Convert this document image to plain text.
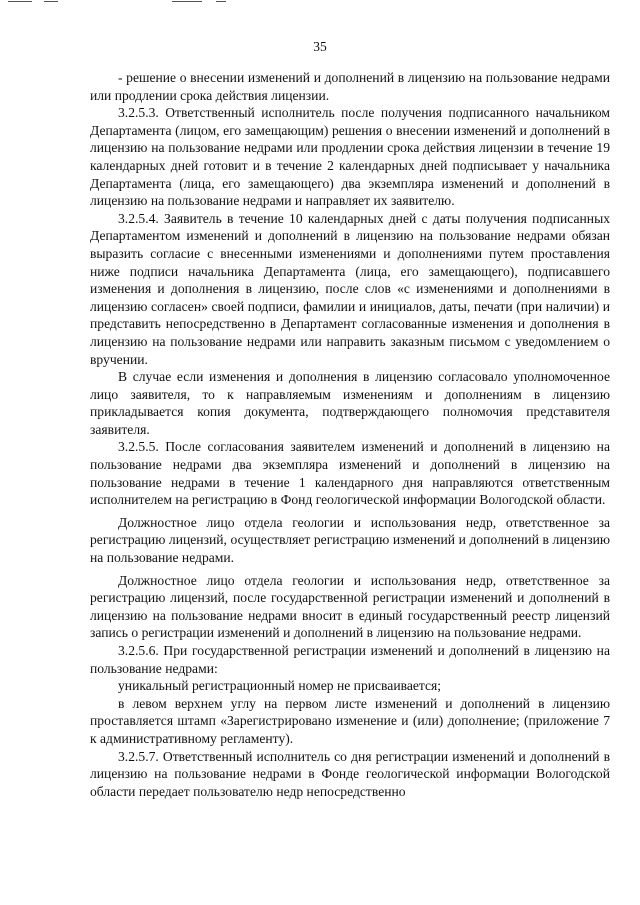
35

- решение о внесении изменений и дополнений в лицензию на пользование недрами или продлении срока действия лицензии.

3.2.5.3. Ответственный исполнитель после получения подписанного начальником Департамента (лицом, его замещающим) решения о внесении изменений и дополнений в лицензию на пользование недрами или продлении срока действия лицензии в течение 19 календарных дней готовит и в течение 2 календарных дней подписывает у начальника Департамента (лица, его замещающего) два экземпляра изменений и дополнений в лицензию на пользование недрами и направляет их заявителю.

3.2.5.4. Заявитель в течение 10 календарных дней с даты получения подписанных Департаментом изменений и дополнений в лицензию на пользование недрами обязан выразить согласие с внесенными изменениями и дополнениями путем проставления ниже подписи начальника Департамента (лица, его замещающего), подписавшего изменения и дополнения в лицензию, после слов «с изменениями и дополнениями в лицензию согласен» своей подписи, фамилии и инициалов, даты, печати (при наличии) и представить непосредственно в Департамент согласованные изменения и дополнения в лицензию на пользование недрами или направить заказным письмом с уведомлением о вручении.

В случае если изменения и дополнения в лицензию согласовало уполномоченное лицо заявителя, то к направляемым изменениям и дополнениям в лицензию прикладывается копия документа, подтверждающего полномочия представителя заявителя.

3.2.5.5. После согласования заявителем изменений и дополнений в лицензию на пользование недрами два экземпляра изменений и дополнений в лицензию на пользование недрами в течение 1 календарного дня направляются ответственным исполнителем на регистрацию в Фонд геологической информации Вологодской области.

Должностное лицо отдела геологии и использования недр, ответственное за регистрацию лицензий, осуществляет регистрацию изменений и дополнений в лицензию на пользование недрами.

Должностное лицо отдела геологии и использования недр, ответственное за регистрацию лицензий, после государственной регистрации изменений и дополнений в лицензию на пользование недрами вносит в единый государственный реестр лицензий запись о регистрации изменений и дополнений в лицензию на пользование недрами.

3.2.5.6. При государственной регистрации изменений и дополнений в лицензию на пользование недрами:

уникальный регистрационный номер не присваивается;

в левом верхнем углу на первом листе изменений и дополнений в лицензию проставляется штамп «Зарегистрировано изменение и (или) дополнение; (приложение 7 к административному регламенту).

3.2.5.7. Ответственный исполнитель со дня регистрации изменений и дополнений в лицензию на пользование недрами в Фонде геологической информации Вологодской области передает пользователю недр непосредственно
